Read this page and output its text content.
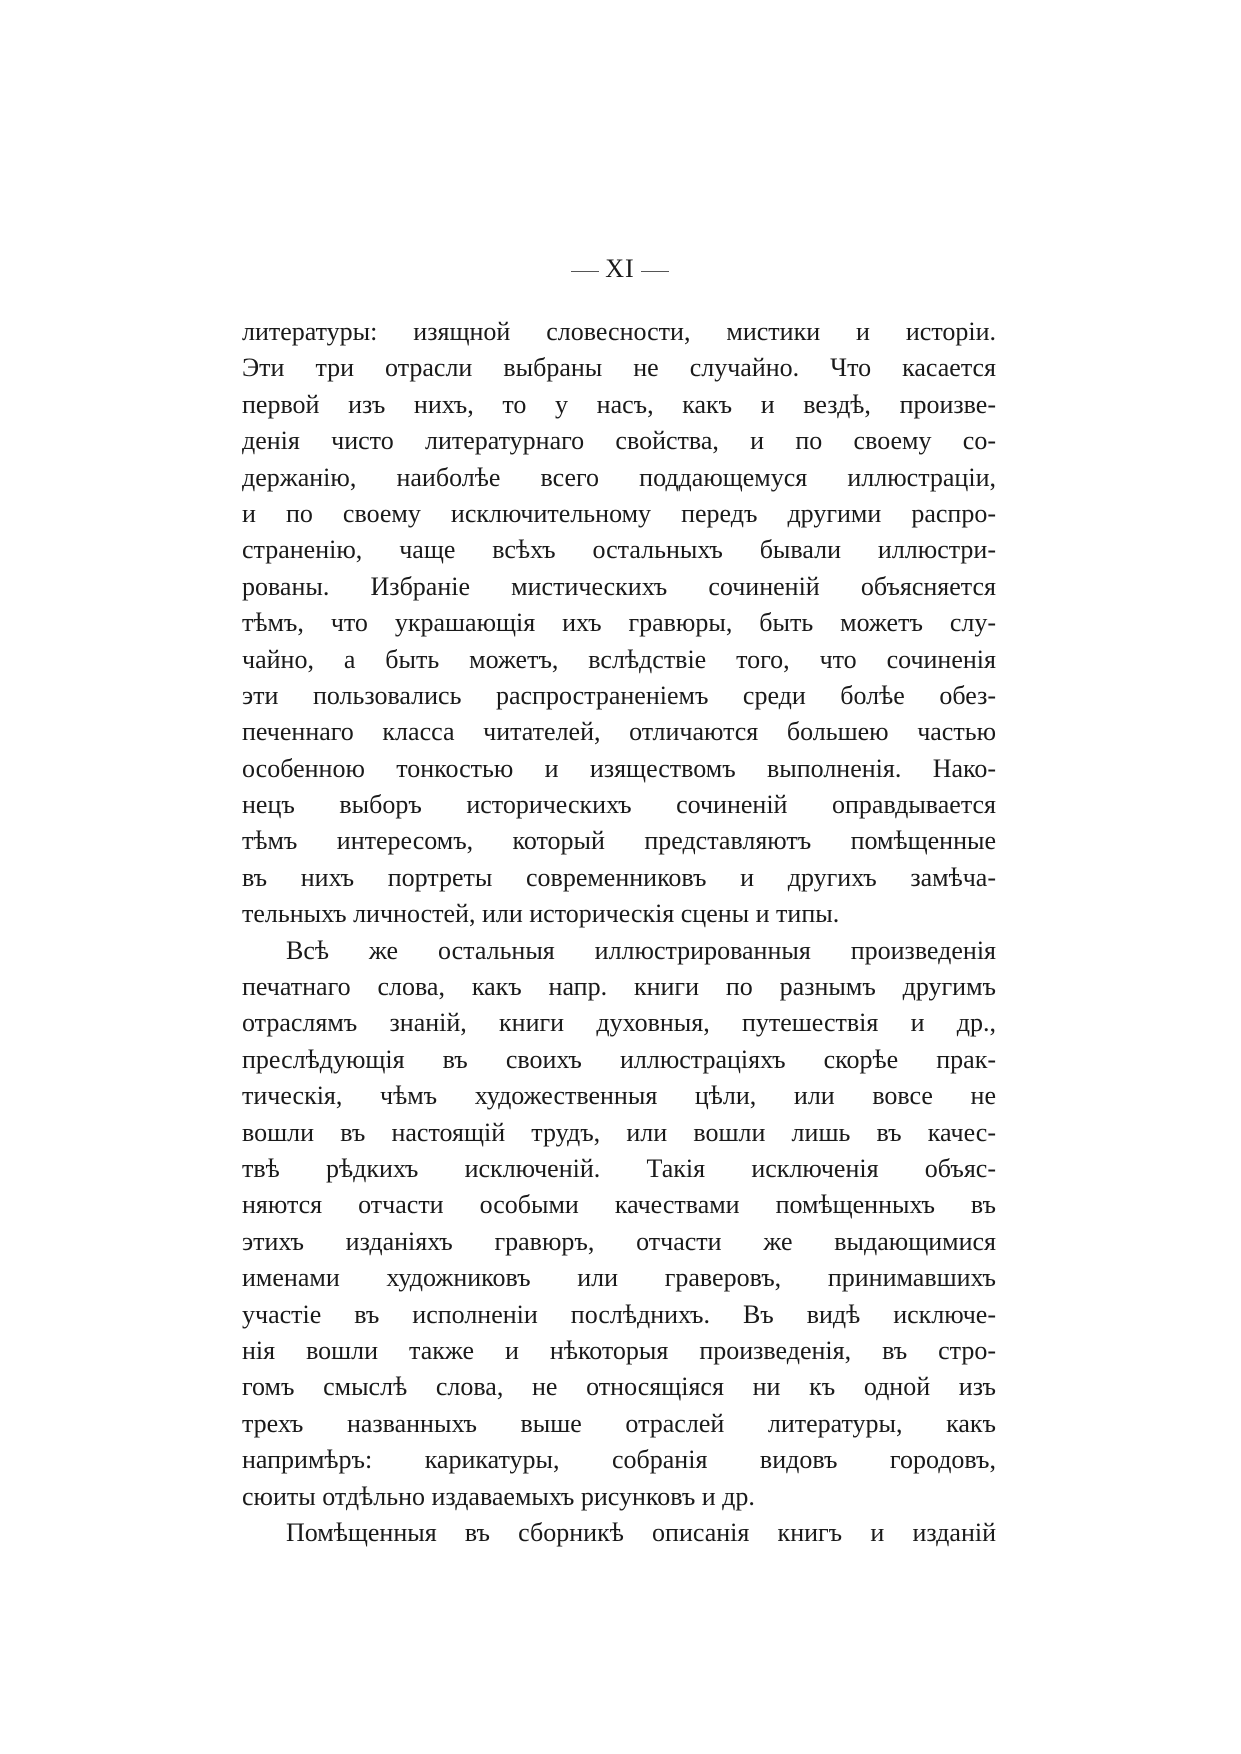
XI
литературы: изящной словесности, мистики и исторiи.
Эти три отрасли выбраны не случайно. Что касается
первой изъ нихъ, то у насъ, какъ и вездѣ, произве-
денiя чисто литературнаго свойства, и по своему со-
держанiю, наиболѣе всего поддающемуся иллюстрацiи,
и по своему исключительному передъ другими распро-
страненiю, чаще всѣхъ остальныхъ бывали иллюстри-
рованы. Избранiе мистическихъ сочиненiй объясняется
тѣмъ, что украшающiя ихъ гравюры, быть можетъ слу-
чайно, а быть можетъ, вслѣдствiе того, что сочиненiя
эти пользовались распространенiемъ среди болѣе обез-
печеннаго класса читателей, отличаются большею частью
особенною тонкостью и изяществомъ выполненiя. Нако-
нецъ выборъ историческихъ сочиненiй оправдывается
тѣмъ интересомъ, который представляютъ помѣщенные
въ нихъ портреты современниковъ и другихъ замѣча-
тельныхъ личностей, или историческiя сцены и типы.
Всѣ же остальныя иллюстрированныя произведенiя
печатнаго слова, какъ напр. книги по разнымъ другимъ
отраслямъ знанiй, книги духовныя, путешествiя и др.,
преслѣдующiя въ своихъ иллюстрацiяхъ скорѣе прак-
тическiя, чѣмъ художественныя цѣли, или вовсе не
вошли въ настоящiй трудъ, или вошли лишь въ качес-
твѣ рѣдкихъ исключенiй. Такiя исключенiя объяс-
няются отчасти особыми качествами помѣщенныхъ въ
этихъ изданiяхъ гравюръ, отчасти же выдающимися
именами художниковъ или граверовъ, принимавшихъ
участiе въ исполненiи послѣднихъ. Въ видѣ исключе-
нiя вошли также и нѣкоторыя произведенiя, въ стро-
гомъ смыслѣ слова, не относящiяся ни къ одной изъ
трехъ названныхъ выше отраслей литературы, какъ
напримѣръ: карикатуры, собранiя видовъ городовъ,
сюиты отдѣльно издаваемыхъ рисунковъ и др.
Помѣщенныя въ сборникѣ описанiя книгъ и изданiй
